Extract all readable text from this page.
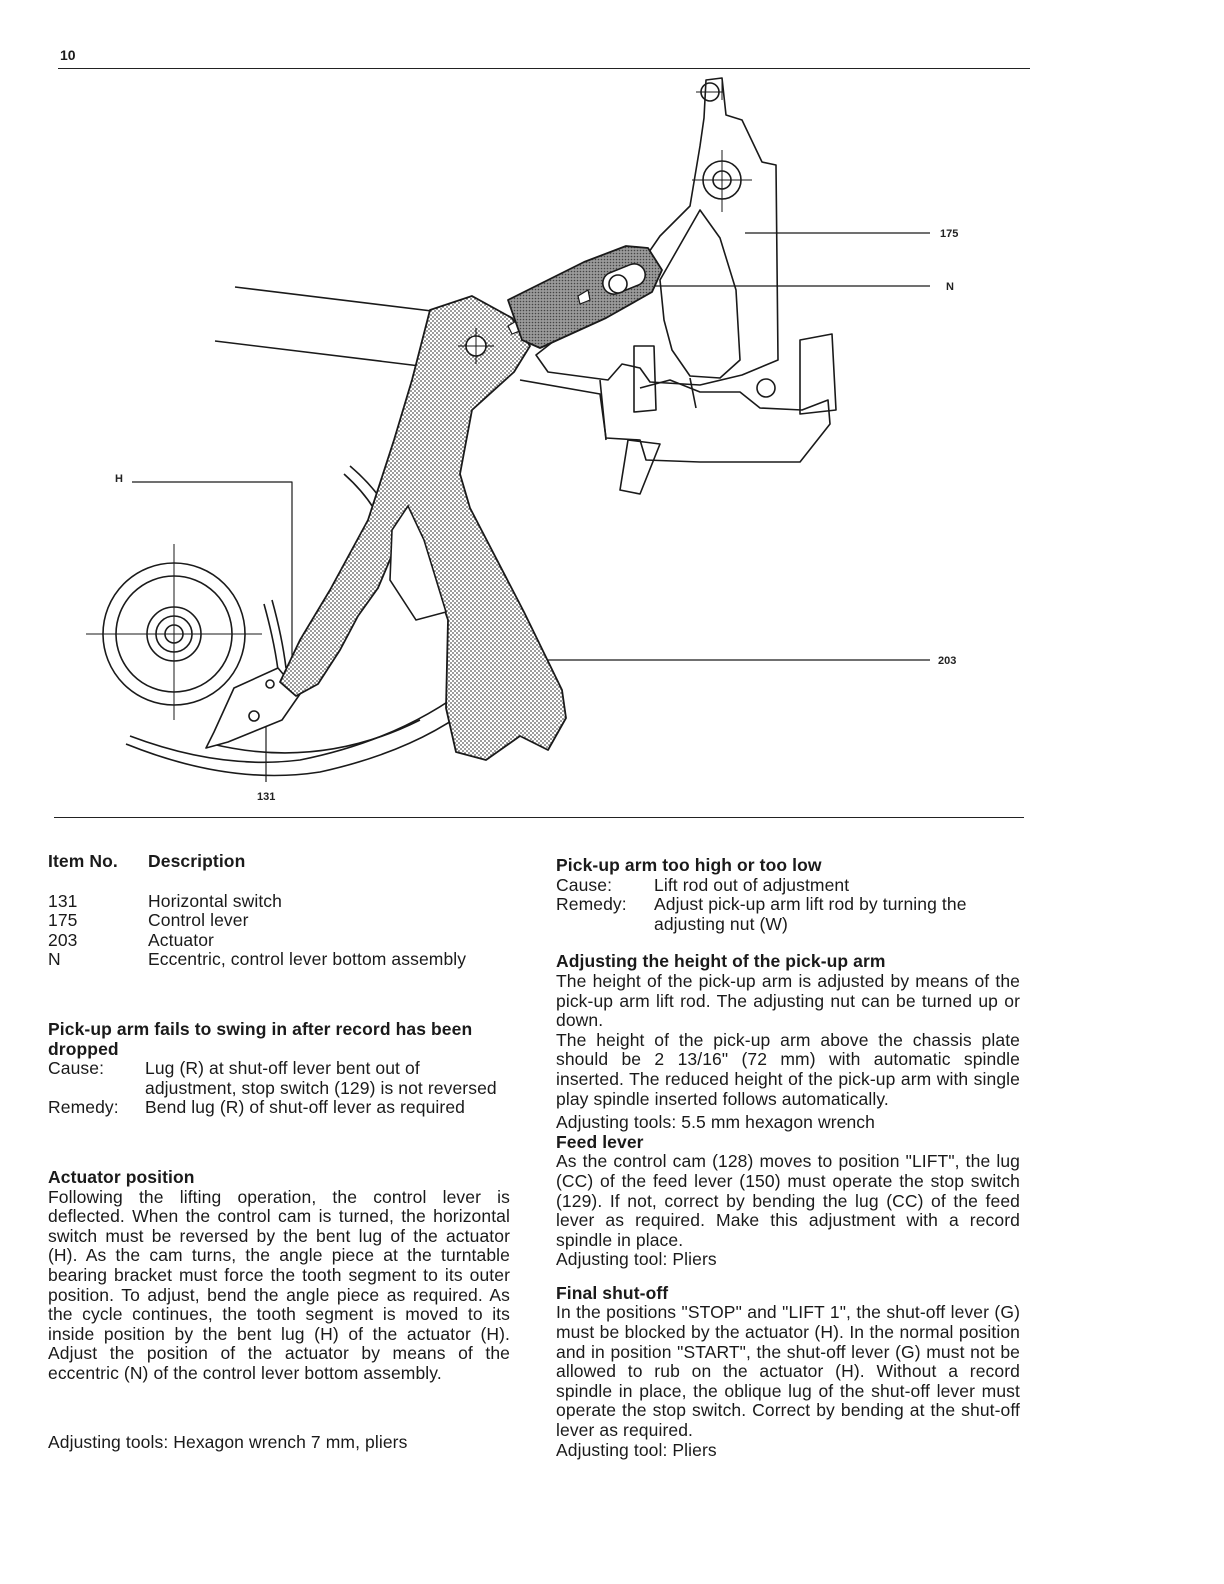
10
175
N
H
203
131
Item No.	Description
131	Horizontal switch
175	Control lever
203	Actuator
N	Eccentric, control lever bottom assembly
Pick-up arm fails to swing in after record has been dropped
Cause:	Lug (R) at shut-off lever bent out of adjustment, stop switch (129) is not reversed
Remedy:	Bend lug (R) of shut-off lever as required
Actuator position

Following the lifting operation, the control lever is deflected. When the control cam is turned, the horizontal switch must be reversed by the bent lug of the actuator (H). As the cam turns, the angle piece at the turntable bearing bracket must force the tooth segment to its outer position. To adjust, bend the angle piece as required. As the cycle continues, the tooth segment is moved to its inside position by the bent lug (H) of the actuator (H). Adjust the position of the actuator by means of the eccentric (N) of the control lever bottom assembly.

Adjusting tools: Hexagon wrench 7 mm, pliers

Pick-up arm too high or too low
Cause:	Lift rod out of adjustment
Remedy:	Adjust pick-up arm lift rod by turning the adjusting nut (W)
Adjusting the height of the pick-up arm

The height of the pick-up arm is adjusted by means of the pick-up arm lift rod. The adjusting nut can be turned up or down.

The height of the pick-up arm above the chassis plate should be 2 13/16" (72 mm) with automatic spindle inserted. The reduced height of the pick-up arm with single play spindle inserted follows automatically.

Adjusting tools: 5.5 mm hexagon wrench

Feed lever

As the control cam (128) moves to position "LIFT", the lug (CC) of the feed lever (150) must operate the stop switch (129). If not, correct by bending the lug (CC) of the feed lever as required. Make this adjustment with a record spindle in place.

Adjusting tool: Pliers

Final shut-off

In the positions "STOP" and "LIFT 1", the shut-off lever (G) must be blocked by the actuator (H). In the normal position and in position "START", the shut-off lever (G) must not be allowed to rub on the actuator (H). Without a record spindle in place, the oblique lug of the shut-off lever must operate the stop switch. Correct by bending at the shut-off lever as required.

Adjusting tool: Pliers
